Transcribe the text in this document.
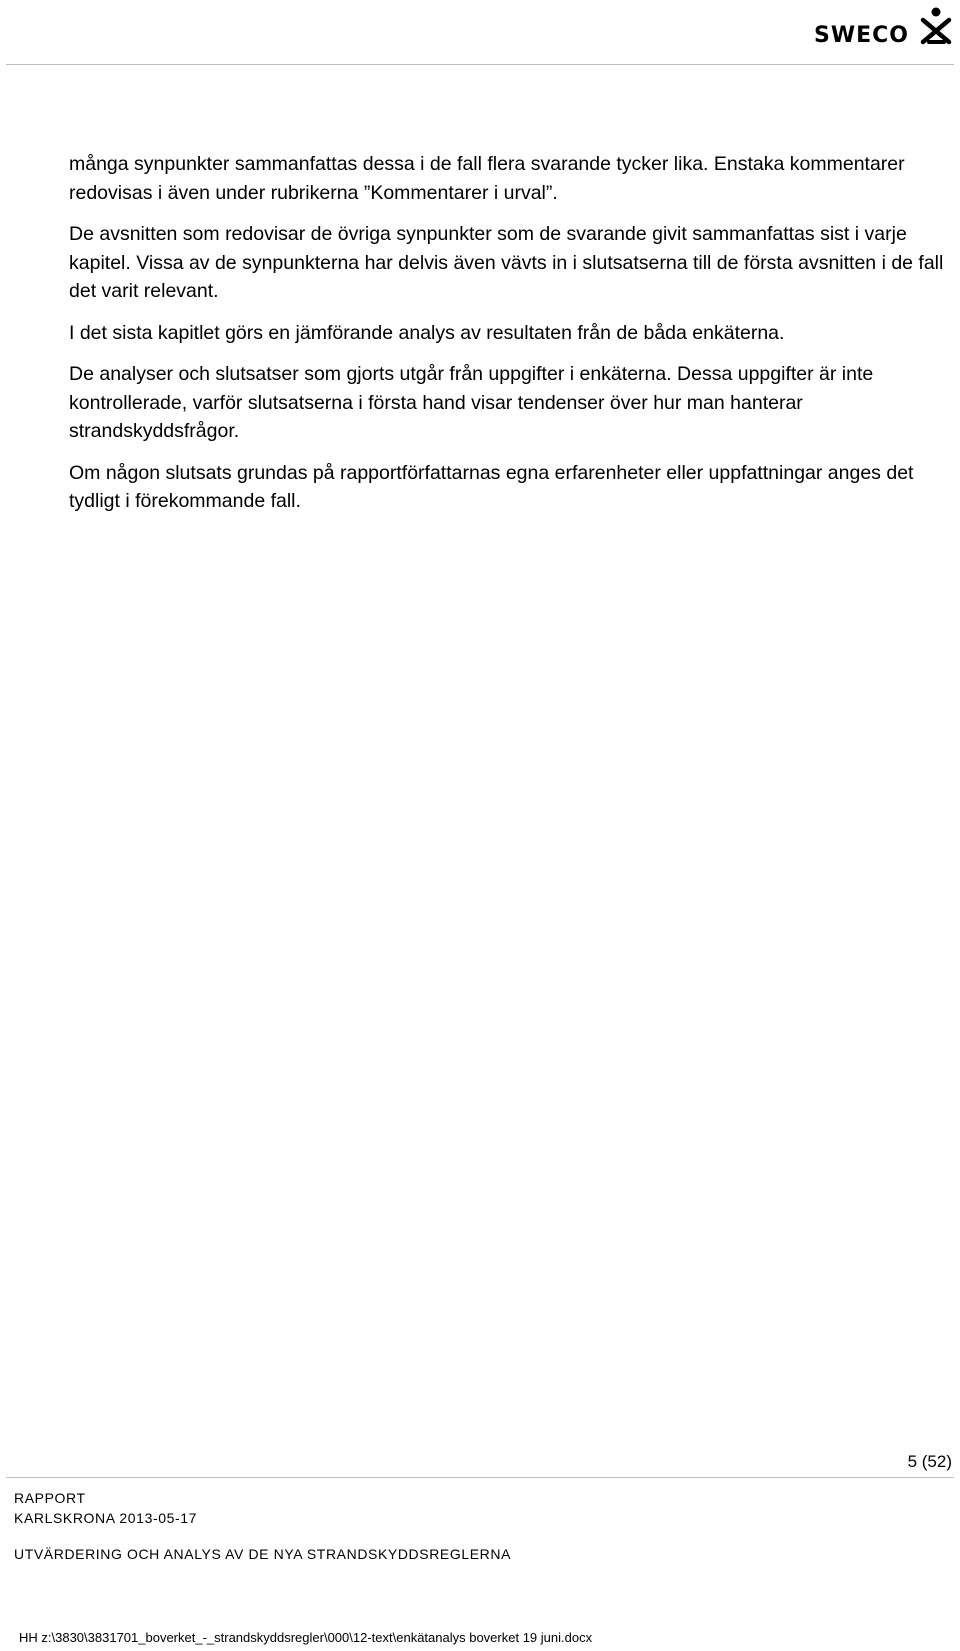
SWECO

många synpunkter sammanfattas dessa i de fall flera svarande tycker lika. Enstaka kommentarer redovisas i även under rubrikerna ”Kommentarer i urval”.

De avsnitten som redovisar de övriga synpunkter som de svarande givit sammanfattas sist i varje kapitel. Vissa av de synpunkterna har delvis även vävts in i slutsatserna till de första avsnitten i de fall det varit relevant.

I det sista kapitlet görs en jämförande analys av resultaten från de båda enkäterna.

De analyser och slutsatser som gjorts utgår från uppgifter i enkäterna. Dessa uppgifter är inte kontrollerade, varför slutsatserna i första hand visar tendenser över hur man hanterar strandskyddsfrågor.

Om någon slutsats grundas på rapportförfattarnas egna erfarenheter eller uppfattningar anges det tydligt i förekommande fall.

5 (52)
RAPPORT
KARLSKRONA 2013-05-17
UTVÄRDERING OCH ANALYS AV DE NYA STRANDSKYDDSREGLERNA
HH z:\3830\3831701_boverket_-_strandskyddsregler\000\12-text\enkätanalys boverket 19 juni.docx
